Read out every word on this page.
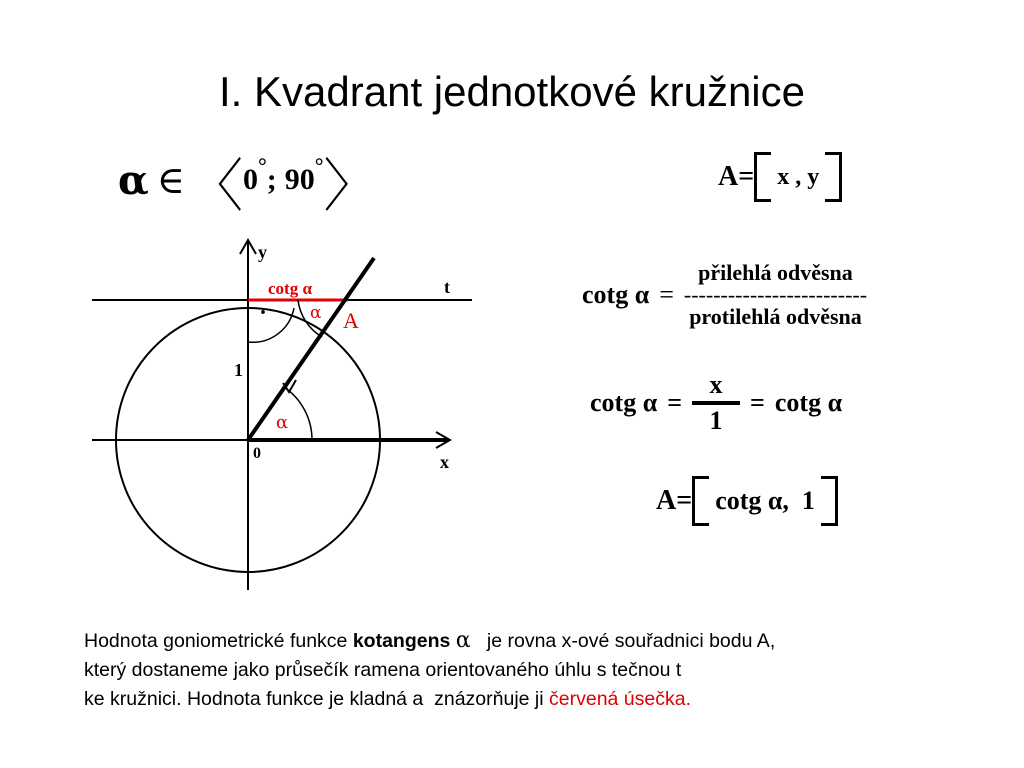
I. Kvadrant jednotkové kružnice
α ∈ 〈 0 ° ; 90 ° 〉	A= x , y
y
x
t
cotg α
α A
α
1
0
·
cotg α =
přilehlá odvěsna
-------------------------
protilehlá odvěsna
cotg $\alpha = \frac{x}{1} = \cot g$ α
A= cotg α,  1
Hodnota goniometrické funkce kotangens α   je rovna x-ové souřadnici bodu A,
který dostaneme jako průsečík ramena orientovaného úhlu s tečnou t
ke kružnici. Hodnota funkce je kladná a  znázorňuje ji červená úsečka.
